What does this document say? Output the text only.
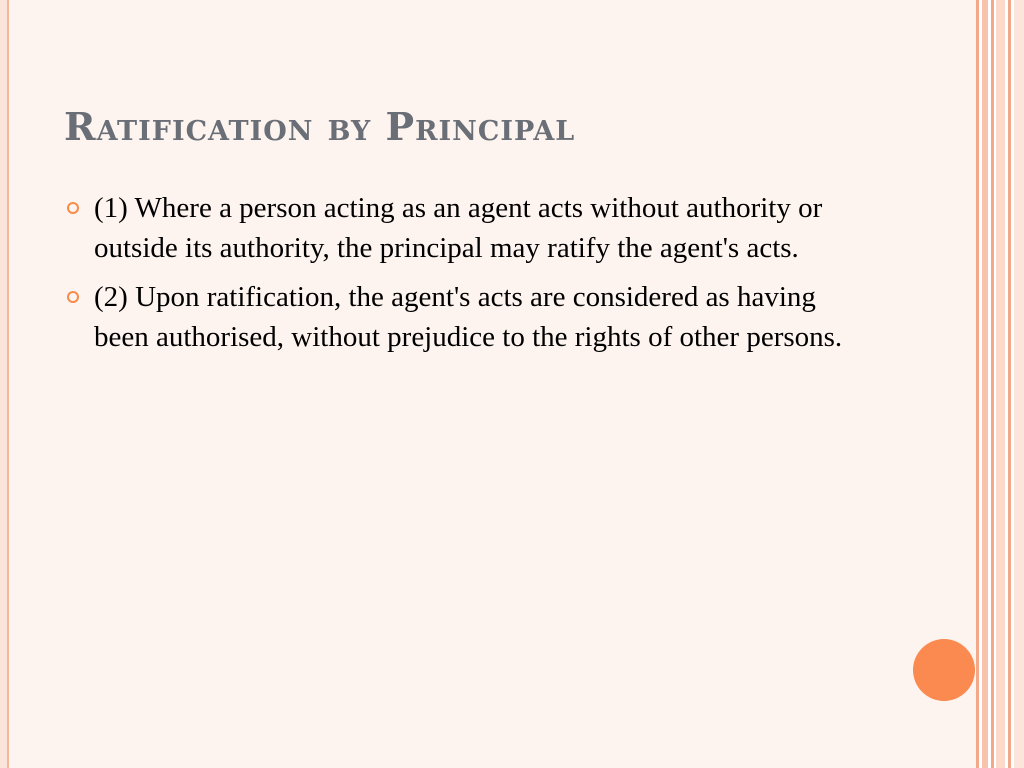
Ratification by Principal
(1) Where a person acting as an agent acts without authority or outside its authority, the principal may ratify the agent's acts.
(2) Upon ratification, the agent's acts are considered as having been authorised, without prejudice to the rights of other persons.
